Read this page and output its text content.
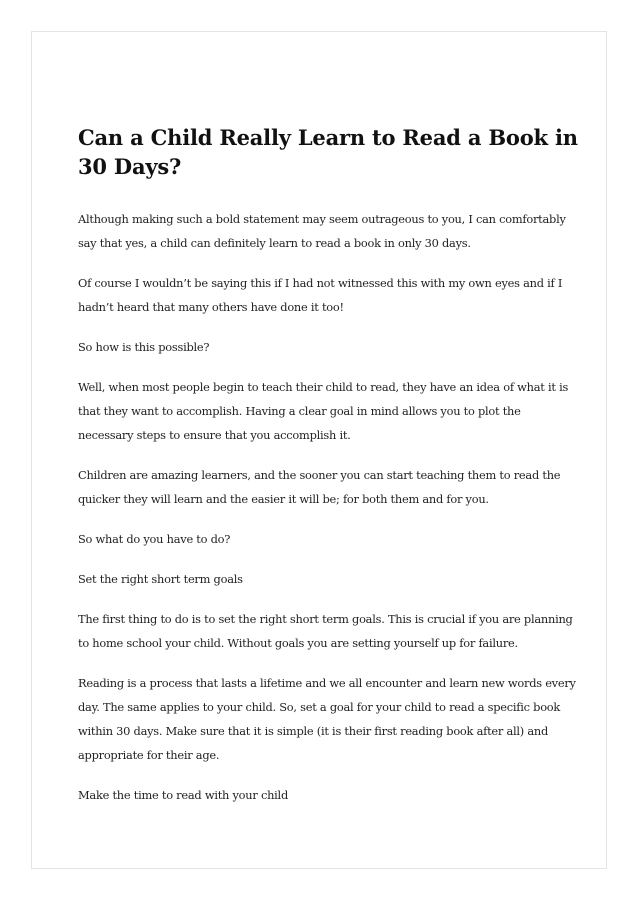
Can a Child Really Learn to Read a Book in 30 Days?

Although making such a bold statement may seem outrageous to you, I can comfortably say that yes, a child can definitely learn to read a book in only 30 days.

Of course I wouldn’t be saying this if I had not witnessed this with my own eyes and if I hadn’t heard that many others have done it too!

So how is this possible?

Well, when most people begin to teach their child to read, they have an idea of what it is that they want to accomplish. Having a clear goal in mind allows you to plot the necessary steps to ensure that you accomplish it.

Children are amazing learners, and the sooner you can start teaching them to read the quicker they will learn and the easier it will be; for both them and for you.

So what do you have to do?

Set the right short term goals

The first thing to do is to set the right short term goals. This is crucial if you are planning to home school your child. Without goals you are setting yourself up for failure.

Reading is a process that lasts a lifetime and we all encounter and learn new words every day. The same applies to your child. So, set a goal for your child to read a specific book within 30 days. Make sure that it is simple (it is their first reading book after all) and appropriate for their age.

Make the time to read with your child
